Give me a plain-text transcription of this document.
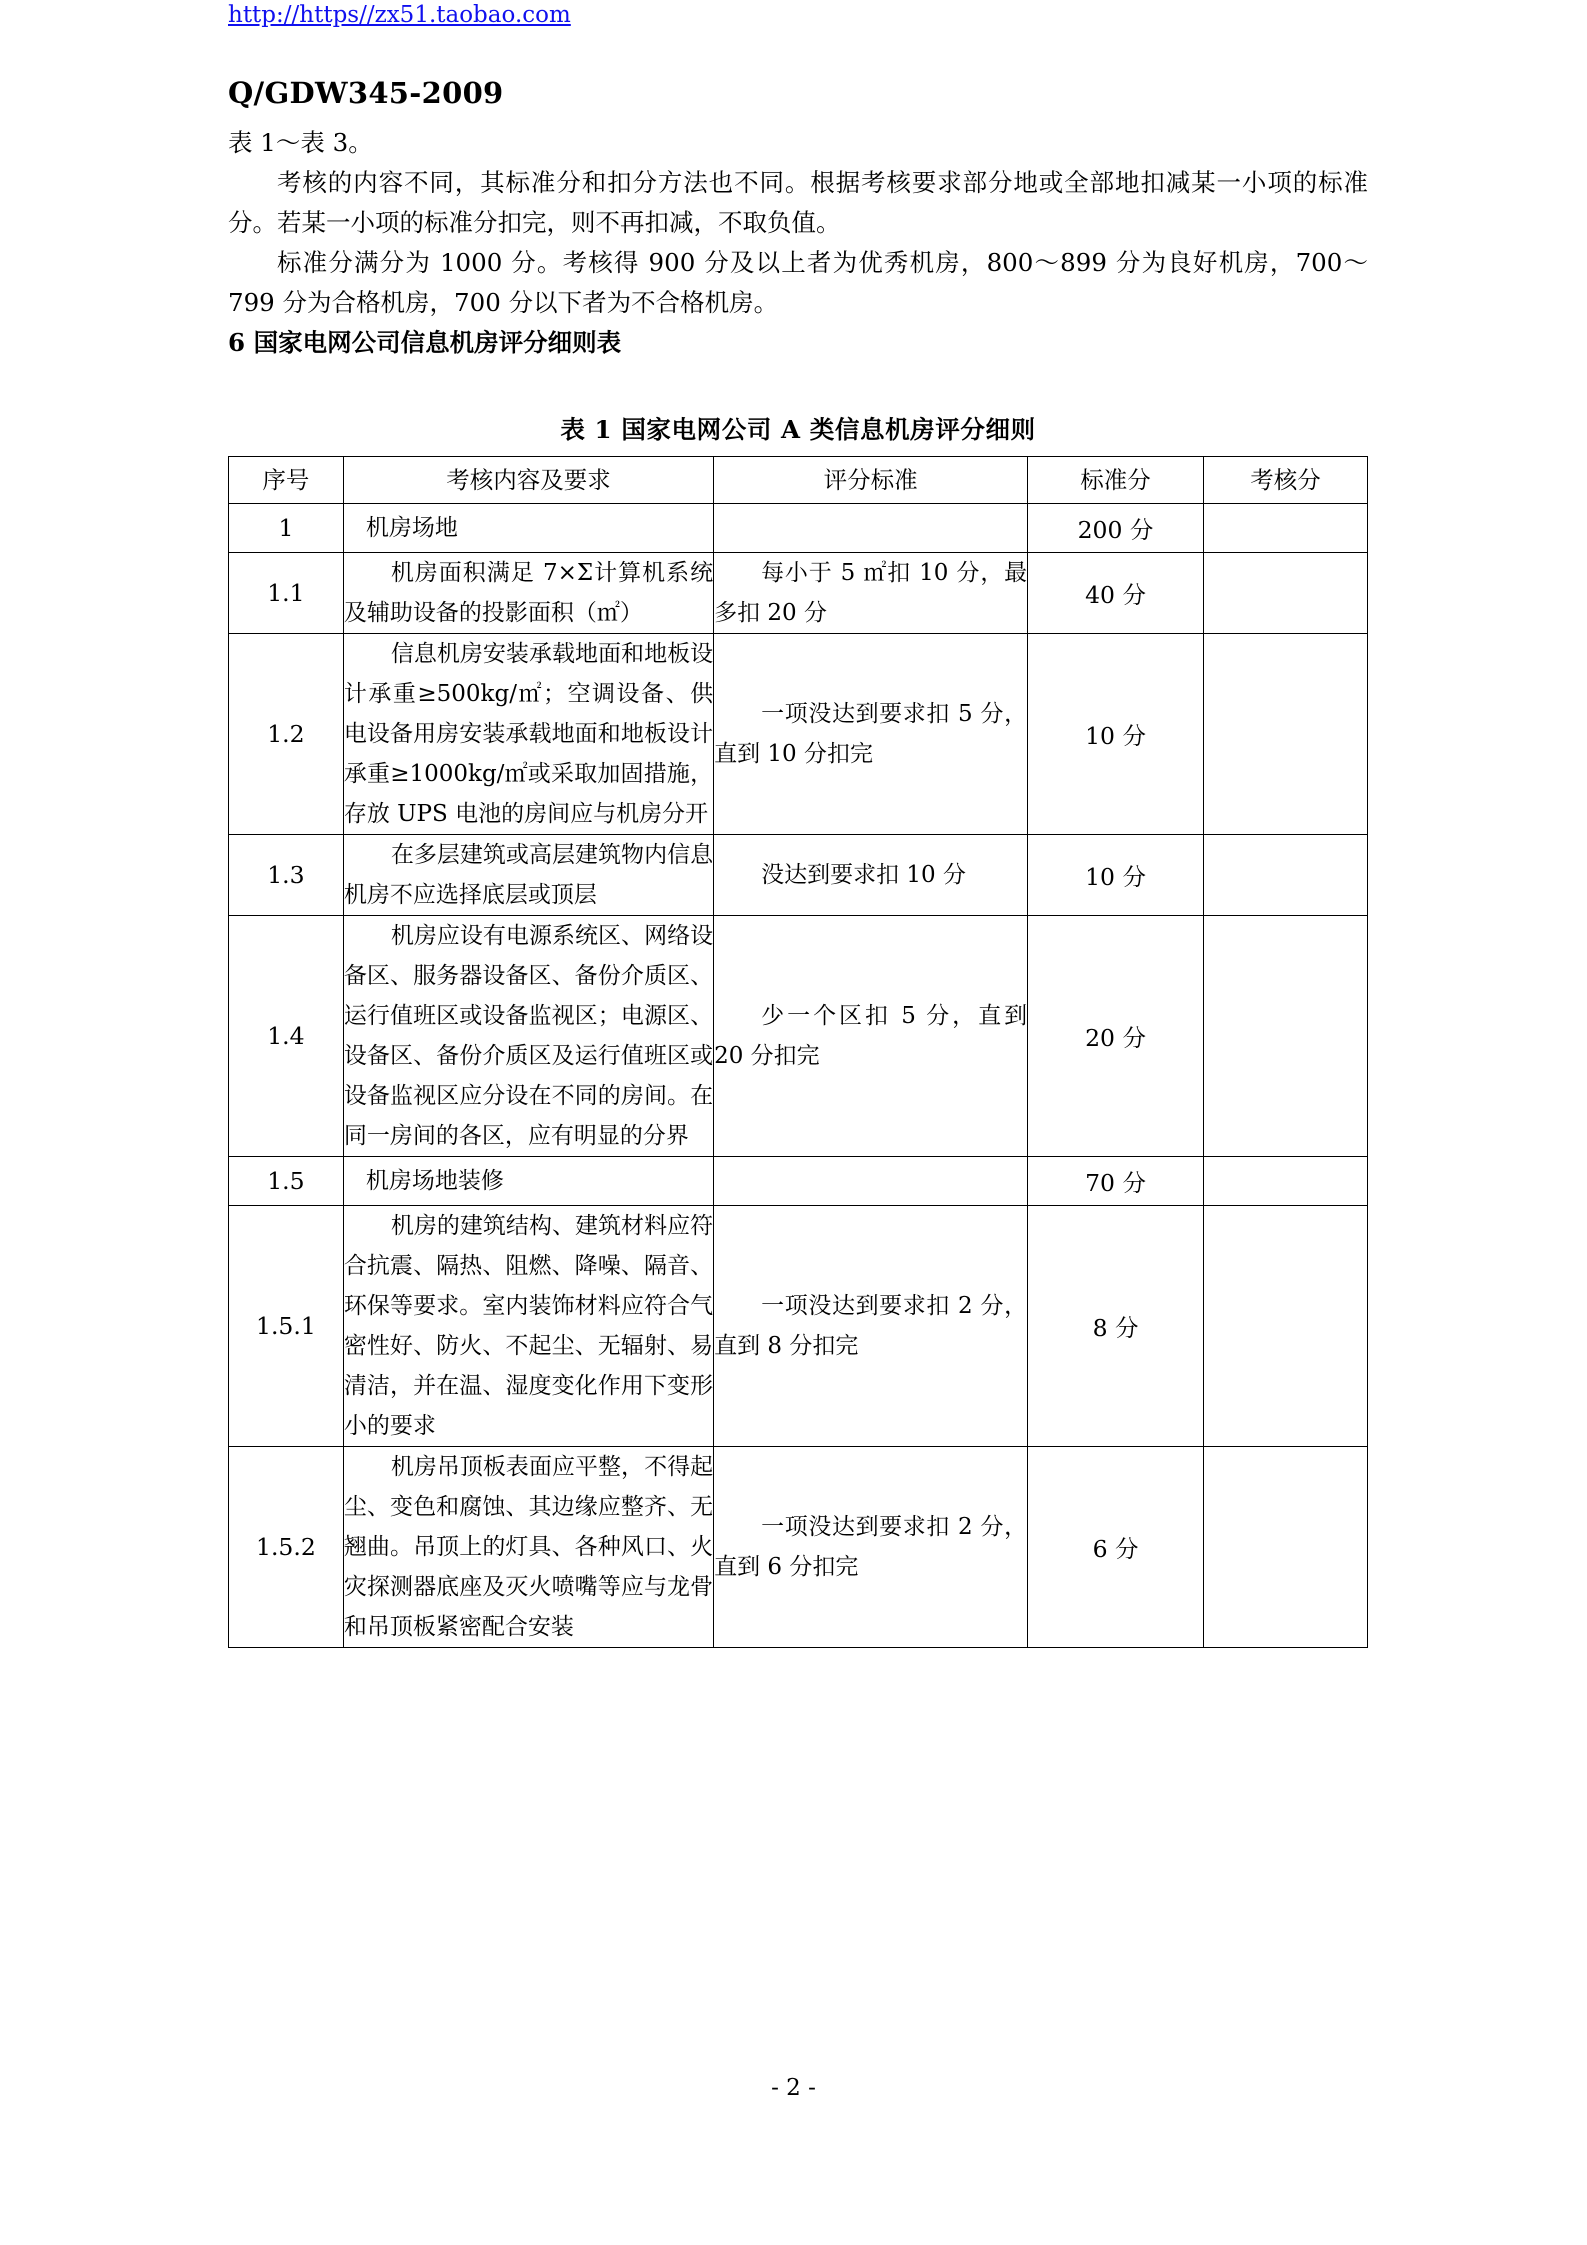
http://https//zx51.taobao.com
Q/GDW345-2009

表 1～表 3。

考核的内容不同，其标准分和扣分方法也不同。根据考核要求部分地或全部地扣减某一小项的标准分。若某一小项的标准分扣完，则不再扣减，不取负值。

标准分满分为 1000 分。考核得 900 分及以上者为优秀机房，800～899 分为良好机房，700～799 分为合格机房，700 分以下者为不合格机房。

6 国家电网公司信息机房评分细则表

表 1 国家电网公司 A 类信息机房评分细则
序号	考核内容及要求	评分标准	标准分	考核分
1	机房场地		200 分	
1.1	机房面积满足 7×Σ计算机系统及辅助设备的投影面积（㎡）	每小于 5 ㎡扣 10 分，最多扣 20 分	40 分	
1.2	信息机房安装承载地面和地板设计承重≥500kg/㎡；空调设备、供电设备用房安装承载地面和地板设计承重≥1000kg/㎡或采取加固措施，存放 UPS 电池的房间应与机房分开	一项没达到要求扣 5 分，直到 10 分扣完	10 分	
1.3	在多层建筑或高层建筑物内信息机房不应选择底层或顶层	没达到要求扣 10 分	10 分	
1.4	机房应设有电源系统区、网络设备区、服务器设备区、备份介质区、运行值班区或设备监视区；电源区、设备区、备份介质区及运行值班区或设备监视区应分设在不同的房间。在同一房间的各区，应有明显的分界	少一个区扣 5 分，直到 20 分扣完	20 分	
1.5	机房场地装修		70 分	
1.5.1	机房的建筑结构、建筑材料应符合抗震、隔热、阻燃、降噪、隔音、环保等要求。室内装饰材料应符合气密性好、防火、不起尘、无辐射、易清洁，并在温、湿度变化作用下变形小的要求	一项没达到要求扣 2 分，直到 8 分扣完	8 分	
1.5.2	机房吊顶板表面应平整，不得起尘、变色和腐蚀、其边缘应整齐、无翘曲。吊顶上的灯具、各种风口、火灾探测器底座及灭火喷嘴等应与龙骨和吊顶板紧密配合安装	一项没达到要求扣 2 分，直到 6 分扣完	6 分	
- 2 -
